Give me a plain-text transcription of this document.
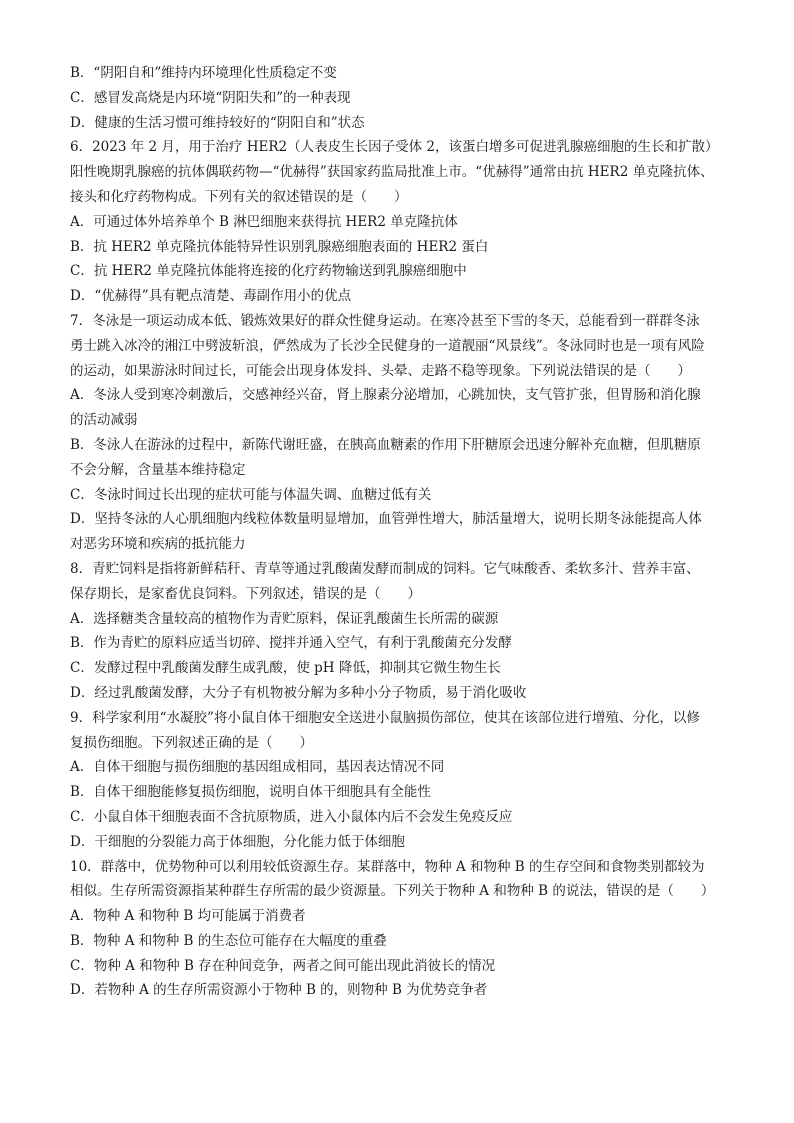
B．“阴阳自和”维持内环境理化性质稳定不变
C．感冒发高烧是内环境“阴阳失和”的一种表现
D．健康的生活习惯可维持较好的“阴阳自和”状态
6．2023 年 2 月，用于治疗 HER2（人表皮生长因子受体 2，该蛋白增多可促进乳腺癌细胞的生长和扩散）
阳性晚期乳腺癌的抗体偶联药物—“优赫得”获国家药监局批准上市。“优赫得”通常由抗 HER2 单克隆抗体、
接头和化疗药物构成。下列有关的叙述错误的是（　　）
A．可通过体外培养单个 B 淋巴细胞来获得抗 HER2 单克隆抗体
B．抗 HER2 单克隆抗体能特异性识别乳腺癌细胞表面的 HER2 蛋白
C．抗 HER2 单克隆抗体能将连接的化疗药物输送到乳腺癌细胞中
D．“优赫得”具有靶点清楚、毒副作用小的优点
7．冬泳是一项运动成本低、锻炼效果好的群众性健身运动。在寒冷甚至下雪的冬天，总能看到一群群冬泳
勇士跳入冰冷的湘江中劈波斩浪，俨然成为了长沙全民健身的一道靓丽“风景线”。冬泳同时也是一项有风险
的运动，如果游泳时间过长，可能会出现身体发抖、头晕、走路不稳等现象。下列说法错误的是（　　）
A．冬泳人受到寒冷刺激后，交感神经兴奋，肾上腺素分泌增加，心跳加快，支气管扩张，但胃肠和消化腺
的活动减弱
B．冬泳人在游泳的过程中，新陈代谢旺盛，在胰高血糖素的作用下肝糖原会迅速分解补充血糖，但肌糖原
不会分解，含量基本维持稳定
C．冬泳时间过长出现的症状可能与体温失调、血糖过低有关
D．坚持冬泳的人心肌细胞内线粒体数量明显增加，血管弹性增大，肺活量增大，说明长期冬泳能提高人体
对恶劣环境和疾病的抵抗能力
8．青贮饲料是指将新鲜秸秆、青草等通过乳酸菌发酵而制成的饲料。它气味酸香、柔软多汁、营养丰富、
保存期长，是家畜优良饲料。下列叙述，错误的是（　　）
A．选择糖类含量较高的植物作为青贮原料，保证乳酸菌生长所需的碳源
B．作为青贮的原料应适当切碎、搅拌并通入空气，有利于乳酸菌充分发酵
C．发酵过程中乳酸菌发酵生成乳酸，使 pH 降低，抑制其它微生物生长
D．经过乳酸菌发酵，大分子有机物被分解为多种小分子物质，易于消化吸收
9．科学家利用“水凝胶”将小鼠自体干细胞安全送进小鼠脑损伤部位，使其在该部位进行增殖、分化，以修
复损伤细胞。下列叙述正确的是（　　）
A．自体干细胞与损伤细胞的基因组成相同，基因表达情况不同
B．自体干细胞能修复损伤细胞，说明自体干细胞具有全能性
C．小鼠自体干细胞表面不含抗原物质，进入小鼠体内后不会发生免疫反应
D．干细胞的分裂能力高于体细胞，分化能力低于体细胞
10．群落中，优势物种可以利用较低资源生存。某群落中，物种 A 和物种 B 的生存空间和食物类别都较为
相似。生存所需资源指某种群生存所需的最少资源量。下列关于物种 A 和物种 B 的说法，错误的是（　　）
A．物种 A 和物种 B 均可能属于消费者
B．物种 A 和物种 B 的生态位可能存在大幅度的重叠
C．物种 A 和物种 B 存在种间竞争，两者之间可能出现此消彼长的情况
D．若物种 A 的生存所需资源小于物种 B 的，则物种 B 为优势竞争者
